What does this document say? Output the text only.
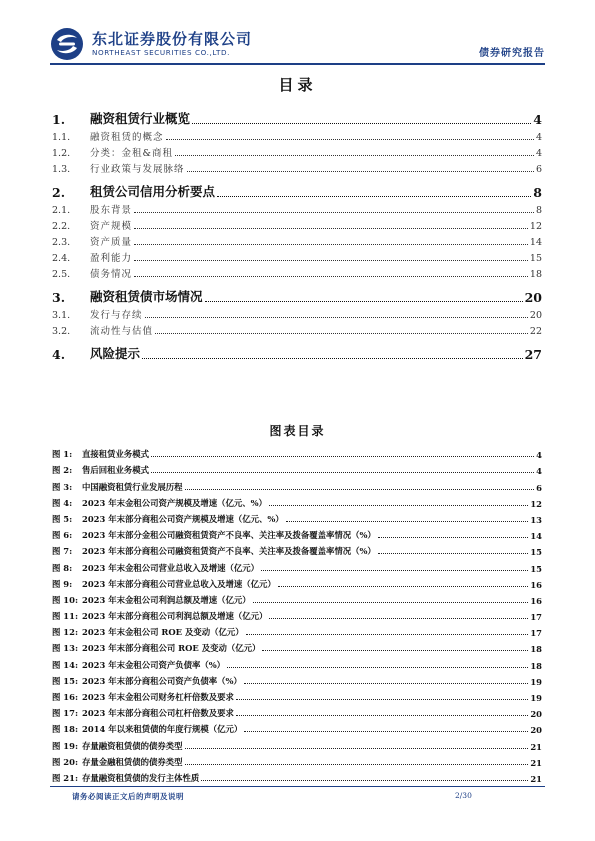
东北证券股份有限公司
NORTHEAST SECURITIES CO.,LTD.	债券研究报告
目录
1.	融资租赁行业概览	4
1.1.	融资租赁的概念	4
1.2.	分类：金租&商租	4
1.3.	行业政策与发展脉络	6
2.	租赁公司信用分析要点	8
2.1.	股东背景	8
2.2.	资产规模	12
2.3.	资产质量	14
2.4.	盈利能力	15
2.5.	债务情况	18
3.	融资租赁债市场情况	20
3.1.	发行与存续	20
3.2.	流动性与估值	22
4.	风险提示	27
图表目录
图 1:	直接租赁业务模式	4
图 2:	售后回租业务模式	4
图 3:	中国融资租赁行业发展历程	6
图 4:	2023 年末金租公司资产规模及增速（亿元、%）	12
图 5:	2023 年末部分商租公司资产规模及增速（亿元、%）	13
图 6:	2023 年末部分金租公司融资租赁资产不良率、关注率及拨备覆盖率情况（%）	14
图 7:	2023 年末部分商租公司融资租赁资产不良率、关注率及拨备覆盖率情况（%）	15
图 8:	2023 年末金租公司营业总收入及增速（亿元）	15
图 9:	2023 年末部分商租公司营业总收入及增速（亿元）	16
图 10: 2023 年末金租公司利润总额及增速（亿元）	16
图 11: 2023 年末部分商租公司利润总额及增速（亿元）	17
图 12: 2023 年末金租公司 ROE 及变动（亿元）	17
图 13: 2023 年末部分商租公司 ROE 及变动（亿元）	18
图 14: 2023 年末金租公司资产负债率（%）	18
图 15: 2023 年末部分商租公司资产负债率（%）	19
图 16: 2023 年末金租公司财务杠杆倍数及要求	19
图 17: 2023 年末部分商租公司杠杆倍数及要求	20
图 18: 2014 年以来租赁债的年度行规模（亿元）	20
图 19: 存量融资租赁债的债券类型	21
图 20: 存量金融租赁债的债券类型	21
图 21: 存量融资租赁债的发行主体性质	21
请务必阅读正文后的声明及说明	2/30
